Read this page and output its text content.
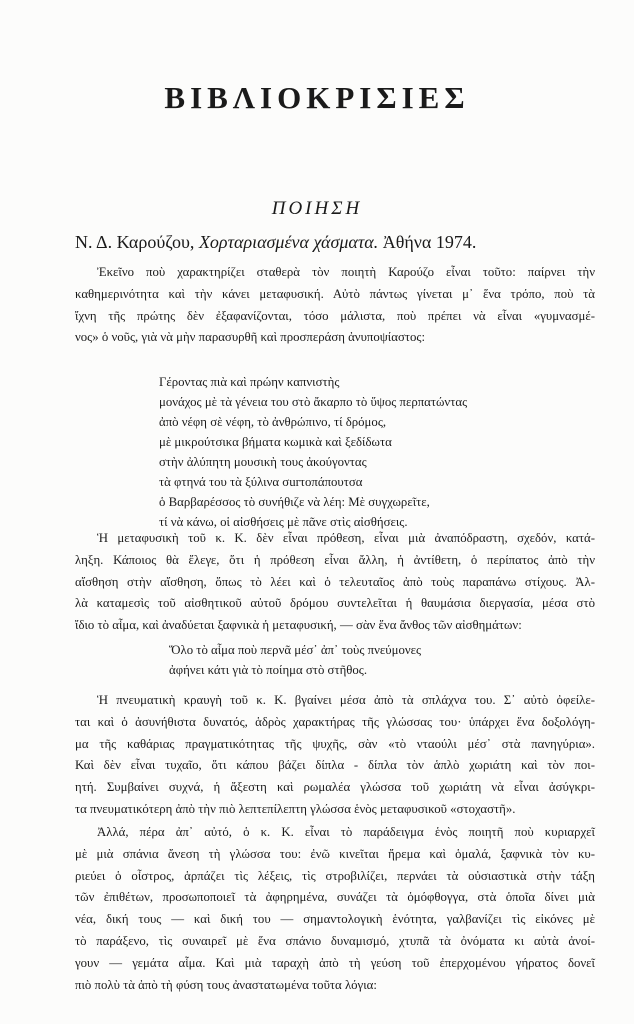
ΒΙΒΛΙΟΚΡΙΣΙΕΣ
ΠΟΙΗΣΗ
Ν. Δ. Καρούζου, Χορταριασμένα χάσματα. Ἀθήνα 1974.
Ἐκεῖνο ποὺ χαρακτηρίζει σταθερὰ τὸν ποιητὴ Καρούζο εἶναι τοῦτο: παίρνει τὴν
καθημερινότητα καὶ τὴν κάνει μεταφυσική. Αὐτὸ πάντως γίνεται μ᾽ ἕνα τρόπο, ποὺ τὰ
ἴχνη τῆς πρώτης δὲν ἐξαφανίζονται, τόσο μάλιστα, ποὺ πρέπει νὰ εἶναι «γυμνασμέ-
νος» ὁ νοῦς, γιὰ νὰ μὴν παρασυρθῆ καὶ προσπεράση ἀνυποψίαστος:
Γέροντας πιὰ καὶ πρώην καπνιστὴς
μονάχος μὲ τὰ γένεια του στὸ ἄκαρπο τὸ ὕψος περπατώντας
ἀπὸ νέφη σὲ νέφη, τὸ ἀνθρώπινο, τί δρόμος,
μὲ μικρούτσικα βήματα κωμικὰ καὶ ξεδίδωτα
στὴν ἀλύπητη μουσικὴ τους ἀκούγοντας
τὰ φτηνά του τὰ ξύλινα σurτοπάπουτσα
ὁ Βαρβαρέσσος τὸ συνήθιζε νὰ λέη: Μὲ συγχωρεῖτε,
τί νὰ κάνω, οἱ αἰσθήσεις μὲ πᾶνε στὶς αἰσθήσεις.
Ἡ μεταφυσικὴ τοῦ κ. Κ. δὲν εἶναι πρόθεση, εἶναι μιὰ ἀναπόδραστη, σχεδόν, κατά-
ληξη. Κάποιος θὰ ἔλεγε, ὅτι ἡ πρόθεση εἶναι ἄλλη, ἡ ἀντίθετη, ὁ περίπατος ἀπὸ τὴν
αἴσθηση στὴν αἴσθηση, ὅπως τὸ λέει καὶ ὁ τελευταῖος ἀπὸ τοὺς παραπάνω στίχους. Ἀλ-
λὰ καταμεσὶς τοῦ αἰσθητικοῦ αὐτοῦ δρόμου συντελεῖται ἡ θαυμάσια διεργασία, μέσα στὸ
ἴδιο τὸ αἷμα, καὶ ἀναδύεται ξαφνικὰ ἡ μεταφυσική, — σὰν ἕνα ἄνθος τῶν αἰσθημάτων:
Ὅλο τὸ αἷμα ποὺ περνᾶ μέσ᾽ ἀπ᾽ τοὺς πνεύμονες
ἀφήνει κάτι γιὰ τὸ ποίημα στὸ στῆθος.
Ἡ πνευματικὴ κραυγὴ τοῦ κ. Κ. βγαίνει μέσα ἀπὸ τὰ σπλάχνα του. Σ᾽ αὐτὸ ὀφείλε-
ται καὶ ὁ ἀσυνήθιστα δυνατός, ἁδρὸς χαρακτήρας τῆς γλώσσας του· ὑπάρχει ἕνα δοξολόγη-
μα τῆς καθάριας πραγματικότητας τῆς ψυχῆς, σὰν «τὸ νταούλι μέσ᾽ στὰ πανηγύρια».
Καὶ δὲν εἶναι τυχαῖο, ὅτι κάπου βάζει δίπλα - δίπλα τὸν ἁπλὸ χωριάτη καὶ τὸν ποι-
ητή. Συμβαίνει συχνά, ἡ ἄξεστη καὶ ρωμαλέα γλώσσα τοῦ χωριάτη νὰ εἶναι ἀσύγκρι-
τα πνευματικότερη ἀπὸ τὴν πιὸ λεπτεπίλεπτη γλώσσα ἑνὸς μεταφυσικοῦ «στοχαστῆ».
Ἀλλά, πέρα ἀπ᾽ αὐτό, ὁ κ. Κ. εἶναι τὸ παράδειγμα ἑνὸς ποιητῆ ποὺ κυριαρχεῖ
μὲ μιὰ σπάνια ἄνεση τὴ γλώσσα του: ἐνῶ κινεῖται ἤρεμα καὶ ὁμαλά, ξαφνικὰ τὸν κυ-
ριεύει ὁ οἶστρος, ἁρπάζει τὶς λέξεις, τὶς στροβιλίζει, περνάει τὰ οὐσιαστικὰ στὴν τάξη
τῶν ἐπιθέτων, προσωποποιεῖ τὰ ἀφηρημένα, συνάζει τὰ ὁμόφθογγα, στὰ ὁποῖα δίνει μιὰ
νέα, δική τους — καὶ δική του — σημαντολογικὴ ἑνότητα, γαλβανίζει τὶς εἰκόνες μὲ
τὸ παράξενο, τὶς συναιρεῖ μὲ ἕνα σπάνιο δυναμισμό, χτυπᾶ τὰ ὀνόματα κι αὐτὰ ἀνοί-
γουν — γεμάτα αἷμα. Καὶ μιὰ ταραχὴ ἀπὸ τὴ γεύση τοῦ ἐπερχομένου γήρατος δονεῖ
πιὸ πολὺ τὰ ἀπὸ τὴ φύση τους ἀναστατωμένα τοῦτα λόγια:
